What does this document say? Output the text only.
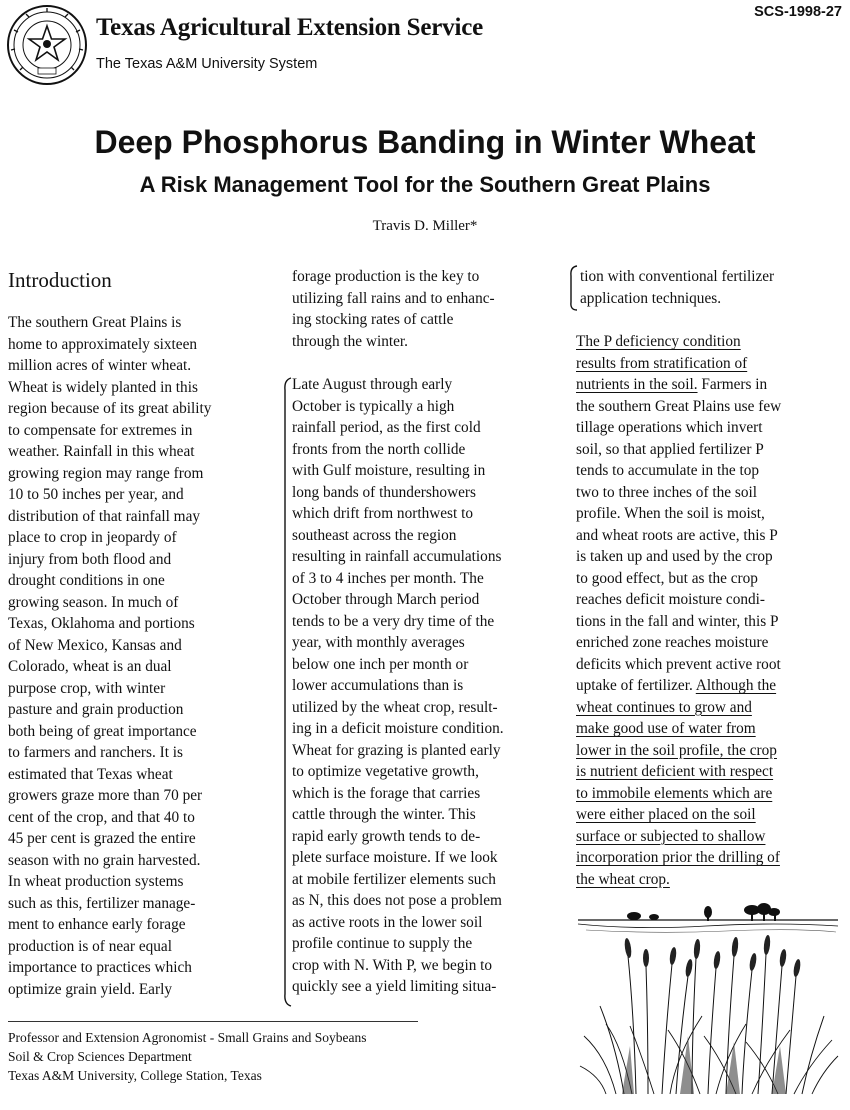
Texas Agricultural Extension Service
The Texas A&M University System
SCS-1998-27
Deep Phosphorus Banding in Winter Wheat
A Risk Management Tool for the Southern Great Plains
Travis D. Miller*
Introduction
The southern Great Plains is
home to approximately sixteen
million acres of winter wheat.
Wheat is widely planted in this
region because of its great ability
to compensate for extremes in
weather. Rainfall in this wheat
growing region may range from
10 to 50 inches per year, and
distribution of that rainfall may
place to crop in jeopardy of
injury from both flood and
drought conditions in one
growing season. In much of
Texas, Oklahoma and portions
of New Mexico, Kansas and
Colorado, wheat is an dual
purpose crop, with winter
pasture and grain production
both being of great importance
to farmers and ranchers. It is
estimated that Texas wheat
growers graze more than 70 per
cent of the crop, and that 40 to
45 per cent is grazed the entire
season with no grain harvested.
In wheat production systems
such as this, fertilizer manage-
ment to enhance early forage
production is of near equal
importance to practices which
optimize grain yield. Early
forage production is the key to
utilizing fall rains and to enhanc-
ing stocking rates of cattle
through the winter.
Late August through early
October is typically a high
rainfall period, as the first cold
fronts from the north collide
with Gulf moisture, resulting in
long bands of thundershowers
which drift from northwest to
southeast across the region
resulting in rainfall accumulations
of 3 to 4 inches per month. The
October through March period
tends to be a very dry time of the
year, with monthly averages
below one inch per month or
lower accumulations than is
utilized by the wheat crop, result-
ing in a deficit moisture condition.
Wheat for grazing is planted early
to optimize vegetative growth,
which is the forage that carries
cattle through the winter. This
rapid early growth tends to de-
plete surface moisture. If we look
at mobile fertilizer elements such
as N, this does not pose a problem
as active roots in the lower soil
profile continue to supply the
crop with N. With P, we begin to
quickly see a yield limiting situa-
tion with conventional fertilizer
application techniques.
The P deficiency condition
results from stratification of
nutrients in the soil. Farmers in
the southern Great Plains use few
tillage operations which invert
soil, so that applied fertilizer P
tends to accumulate in the top
two to three inches of the soil
profile. When the soil is moist,
and wheat roots are active, this P
is taken up and used by the crop
to good effect, but as the crop
reaches deficit moisture condi-
tions in the fall and winter, this P
enriched zone reaches moisture
deficits which prevent active root
uptake of fertilizer. Although the
wheat continues to grow and
make good use of water from
lower in the soil profile, the crop
is nutrient deficient with respect
to immobile elements which are
were either placed on the soil
surface or subjected to shallow
incorporation prior the drilling of
the wheat crop.
Professor and Extension Agronomist - Small Grains and Soybeans
Soil & Crop Sciences Department
Texas A&M University, College Station, Texas
